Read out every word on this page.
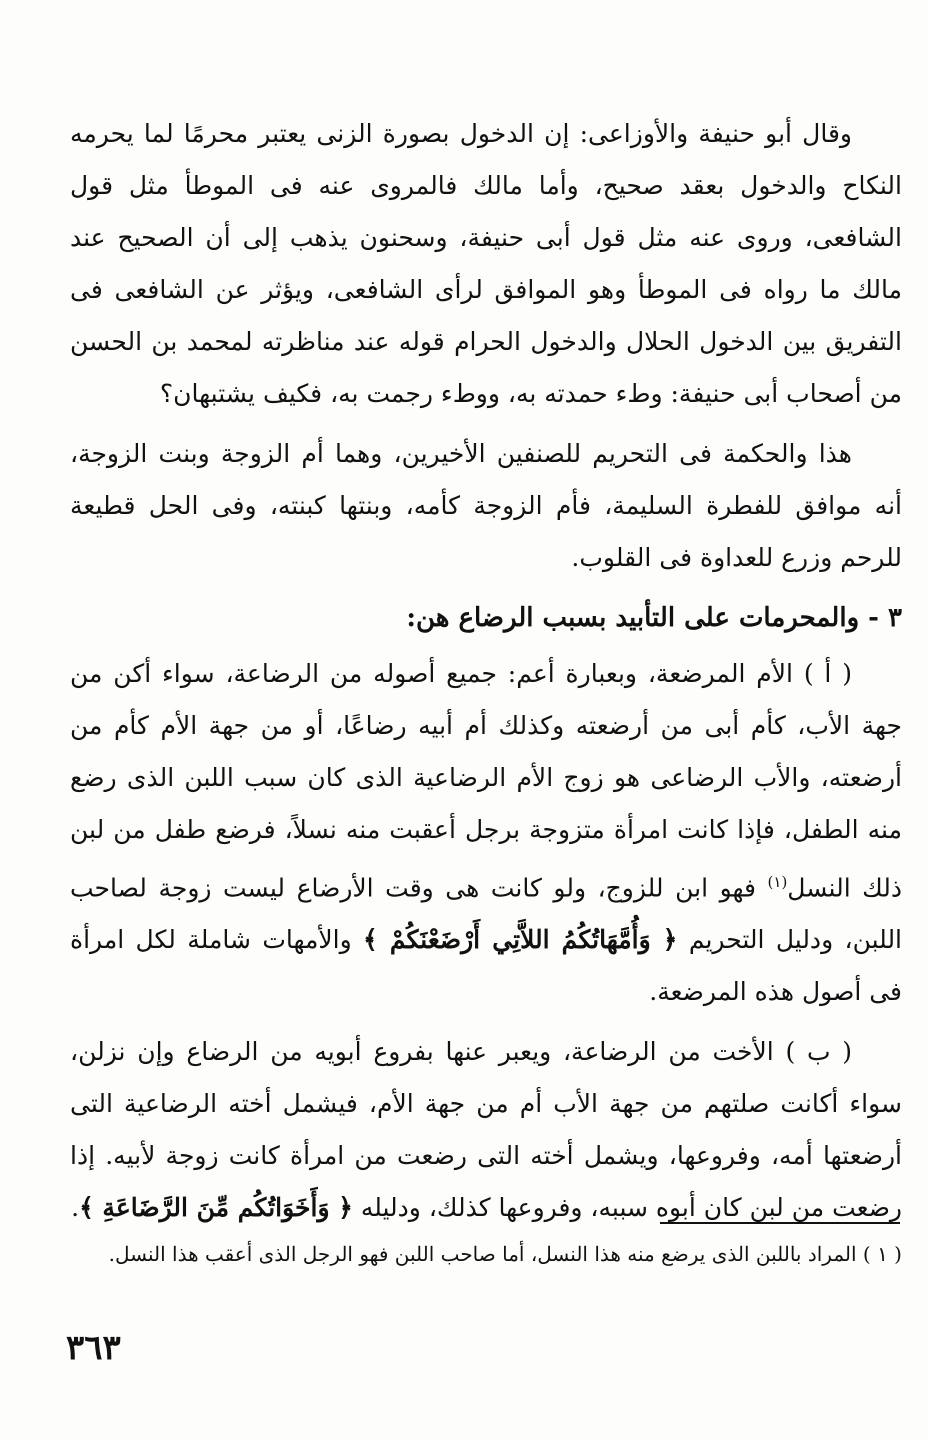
وقال أبو حنيفة والأوزاعى: إن الدخول بصورة الزنى يعتبر محرمًا لما يحرمه النكاح والدخول بعقد صحيح، وأما مالك فالمروى عنه فى الموطأ مثل قول الشافعى، وروى عنه مثل قول أبى حنيفة، وسحنون يذهب إلى أن الصحيح عند مالك ما رواه فى الموطأ وهو الموافق لرأى الشافعى، ويؤثر عن الشافعى فى التفريق بين الدخول الحلال والدخول الحرام قوله عند مناظرته لمحمد بن الحسن من أصحاب أبى حنيفة: وطء حمدته به، ووطء رجمت به، فكيف يشتبهان؟

هذا والحكمة فى التحريم للصنفين الأخيرين، وهما أم الزوجة وبنت الزوجة، أنه موافق للفطرة السليمة، فأم الزوجة كأمه، وبنتها كبنته، وفى الحل قطيعة للرحم وزرع للعداوة فى القلوب.

٣ - والمحرمات على التأبيد بسبب الرضاع هن:

( أ ) الأم المرضعة، وبعبارة أعم: جميع أصوله من الرضاعة، سواء أكن من جهة الأب، كأم أبى من أرضعته وكذلك أم أبيه رضاعًا، أو من جهة الأم كأم من أرضعته، والأب الرضاعى هو زوج الأم الرضاعية الذى كان سبب اللبن الذى رضع منه الطفل، فإذا كانت امرأة متزوجة برجل أعقبت منه نسلاً، فرضع طفل من لبن ذلك النسل$^{(١)}$ فهو ابن للزوج، ولو كانت هى وقت الأرضاع ليست زوجة لصاحب اللبن، ودليل التحريم ﴿ وَأُمَّهَاتُكُمُ اللاَّتِي أَرْضَعْنَكُمْ ﴾ والأمهات شاملة لكل امرأة فى أصول هذه المرضعة.

( ب ) الأخت من الرضاعة، ويعبر عنها بفروع أبويه من الرضاع وإن نزلن، سواء أكانت صلتهم من جهة الأب أم من جهة الأم، فيشمل أخته الرضاعية التى أرضعتها أمه، وفروعها، ويشمل أخته التى رضعت من امرأة كانت زوجة لأبيه. إذا رضعت من لبن كان أبوه سببه، وفروعها كذلك، ودليله ﴿ وَأَخَوَاتُكُم مِّنَ الرَّضَاعَةِ ﴾.

( ١ ) المراد باللبن الذى يرضع منه هذا النسل، أما صاحب اللبن فهو الرجل الذى أعقب هذا النسل.
٣٦٣
